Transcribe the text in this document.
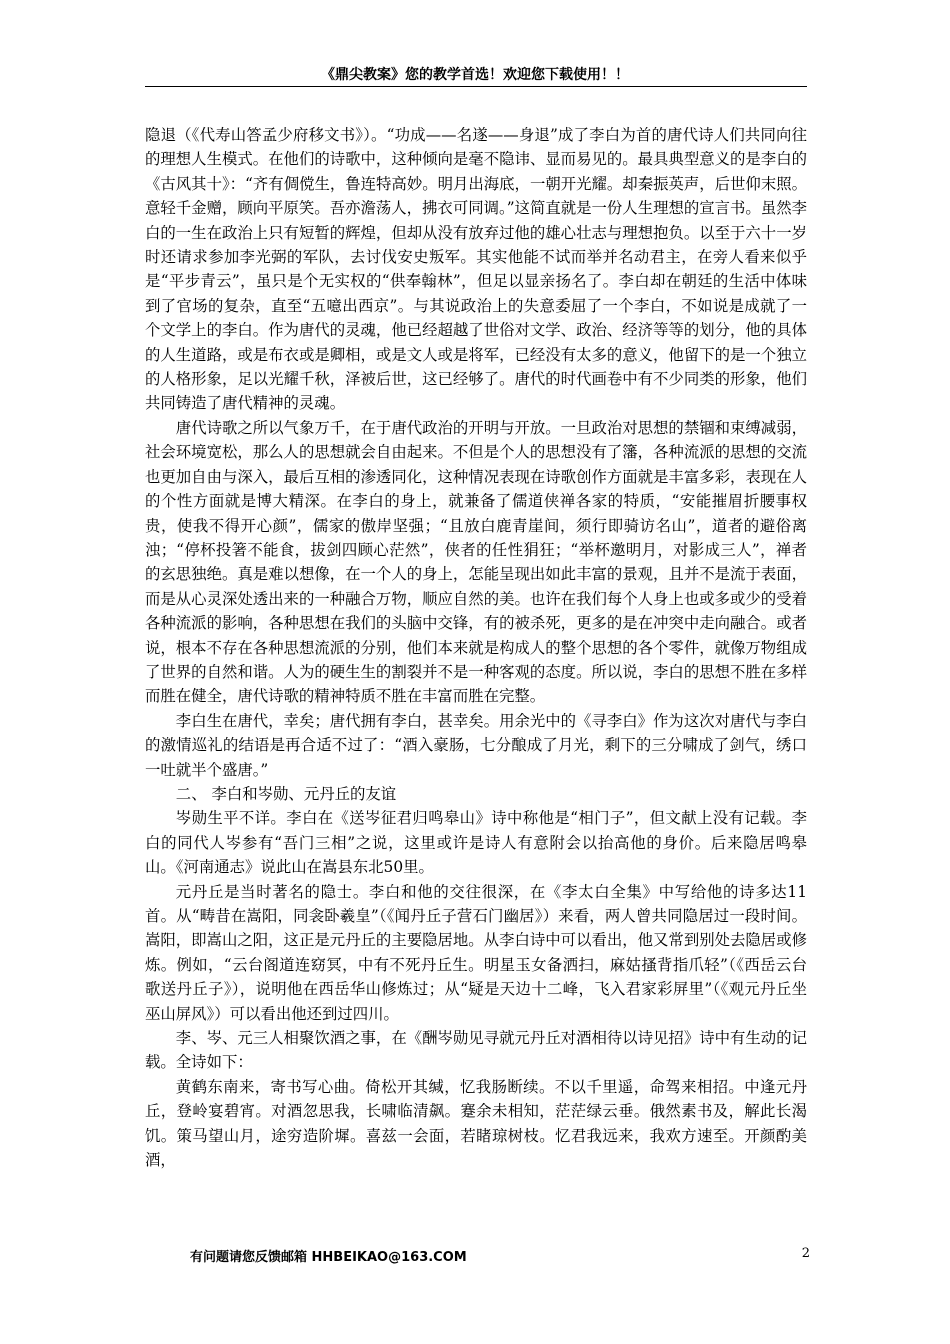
《鼎尖教案》您的教学首选！欢迎您下载使用！！

隐退（《代寿山答孟少府移文书》）。“功成——名遂——身退”成了李白为首的唐代诗人们共同向往的理想人生模式。在他们的诗歌中，这种倾向是毫不隐讳、显而易见的。最具典型意义的是李白的《古风其十》：“齐有倜傥生，鲁连特高妙。明月出海底，一朝开光耀。却秦振英声，后世仰末照。意轻千金赠，顾向平原笑。吾亦澹荡人，拂衣可同调。”这简直就是一份人生理想的宣言书。虽然李白的一生在政治上只有短暂的辉煌，但却从没有放弃过他的雄心壮志与理想抱负。以至于六十一岁时还请求参加李光弼的军队，去讨伐安史叛军。其实他能不试而举并名动君主，在旁人看来似乎是“平步青云”，虽只是个无实权的“供奉翰林”，但足以显亲扬名了。李白却在朝廷的生活中体味到了官场的复杂，直至“五噫出西京”。与其说政治上的失意委屈了一个李白，不如说是成就了一个文学上的李白。作为唐代的灵魂，他已经超越了世俗对文学、政治、经济等等的划分，他的具体的人生道路，或是布衣或是卿相，或是文人或是将军，已经没有太多的意义，他留下的是一个独立的人格形象，足以光耀千秋，泽被后世，这已经够了。唐代的时代画卷中有不少同类的形象，他们共同铸造了唐代精神的灵魂。

唐代诗歌之所以气象万千，在于唐代政治的开明与开放。一旦政治对思想的禁锢和束缚减弱，社会环境宽松，那么人的思想就会自由起来。不但是个人的思想没有了籓，各种流派的思想的交流也更加自由与深入，最后互相的渗透同化，这种情况表现在诗歌创作方面就是丰富多彩，表现在人的个性方面就是博大精深。在李白的身上，就兼备了儒道侠禅各家的特质，“安能摧眉折腰事权贵，使我不得开心颜”，儒家的傲岸坚强；“且放白鹿青崖间，须行即骑访名山”，道者的避俗离浊；“停杯投箸不能食，拔剑四顾心茫然”，侠者的任性狷狂；“举杯邀明月，对影成三人”，禅者的玄思独绝。真是难以想像，在一个人的身上，怎能呈现出如此丰富的景观，且并不是流于表面，而是从心灵深处透出来的一种融合万物，顺应自然的美。也许在我们每个人身上也或多或少的受着各种流派的影响，各种思想在我们的头脑中交锋，有的被杀死，更多的是在冲突中走向融合。或者说，根本不存在各种思想流派的分别，他们本来就是构成人的整个思想的各个零件，就像万物组成了世界的自然和谐。人为的硬生生的割裂并不是一种客观的态度。所以说，李白的思想不胜在多样而胜在健全，唐代诗歌的精神特质不胜在丰富而胜在完整。

李白生在唐代，幸矣；唐代拥有李白，甚幸矣。用余光中的《寻李白》作为这次对唐代与李白的激情巡礼的结语是再合适不过了：“酒入豪肠，七分酿成了月光，剩下的三分啸成了剑气，绣口一吐就半个盛唐。”

二、 李白和岑勋、元丹丘的友谊

岑勋生平不详。李白在《送岑征君归鸣皋山》诗中称他是“相门子”，但文献上没有记载。李白的同代人岑参有“吾门三相”之说，这里或许是诗人有意附会以抬高他的身价。后来隐居鸣皋山。《河南通志》说此山在嵩县东北50里。

元丹丘是当时著名的隐士。李白和他的交往很深，在《李太白全集》中写给他的诗多达11首。从“畴昔在嵩阳，同衾卧羲皇”（《闻丹丘子营石门幽居》）来看，两人曾共同隐居过一段时间。嵩阳，即嵩山之阳，这正是元丹丘的主要隐居地。从李白诗中可以看出，他又常到别处去隐居或修炼。例如，“云台阁道连窈冥，中有不死丹丘生。明星玉女备洒扫，麻姑搔背指爪轻”（《西岳云台歌送丹丘子》），说明他在西岳华山修炼过；从“疑是天边十二峰，飞入君家彩屏里”（《观元丹丘坐巫山屏风》）可以看出他还到过四川。

李、岑、元三人相聚饮酒之事，在《酬岑勋见寻就元丹丘对酒相待以诗见招》诗中有生动的记载。全诗如下：

黄鹤东南来，寄书写心曲。倚松开其缄，忆我肠断续。不以千里遥，命驾来相招。中逢元丹丘，登岭宴碧宵。对酒忽思我，长啸临清飙。蹇余未相知，茫茫绿云垂。俄然素书及，解此长渴饥。策马望山月，途穷造阶墀。喜兹一会面，若睹琼树枝。忆君我远来，我欢方速至。开颜酌美酒，

有问题请您反馈邮箱 HHBEIKAO@163.COM	2
